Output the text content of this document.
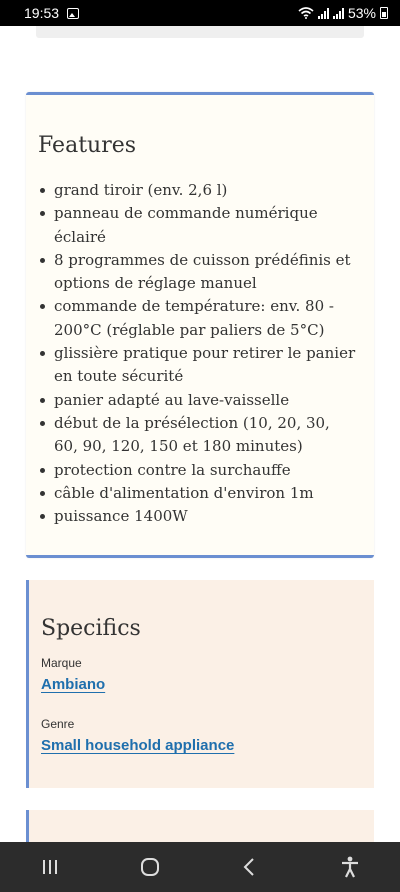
19:53	53%
Features
grand tiroir (env. 2,6 l)
panneau de commande numérique éclairé
8 programmes de cuisson prédéfinis et options de réglage manuel
commande de température: env. 80 - 200°C (réglable par paliers de 5°C)
glissière pratique pour retirer le panier en toute sécurité
panier adapté au lave-vaisselle
début de la présélection (10, 20, 30, 60, 90, 120, 150 et 180 minutes)
protection contre la surchauffe
câble d'alimentation d'environ 1m
puissance 1400W
Specifics
Marque
Ambiano
Genre
Small household appliance
